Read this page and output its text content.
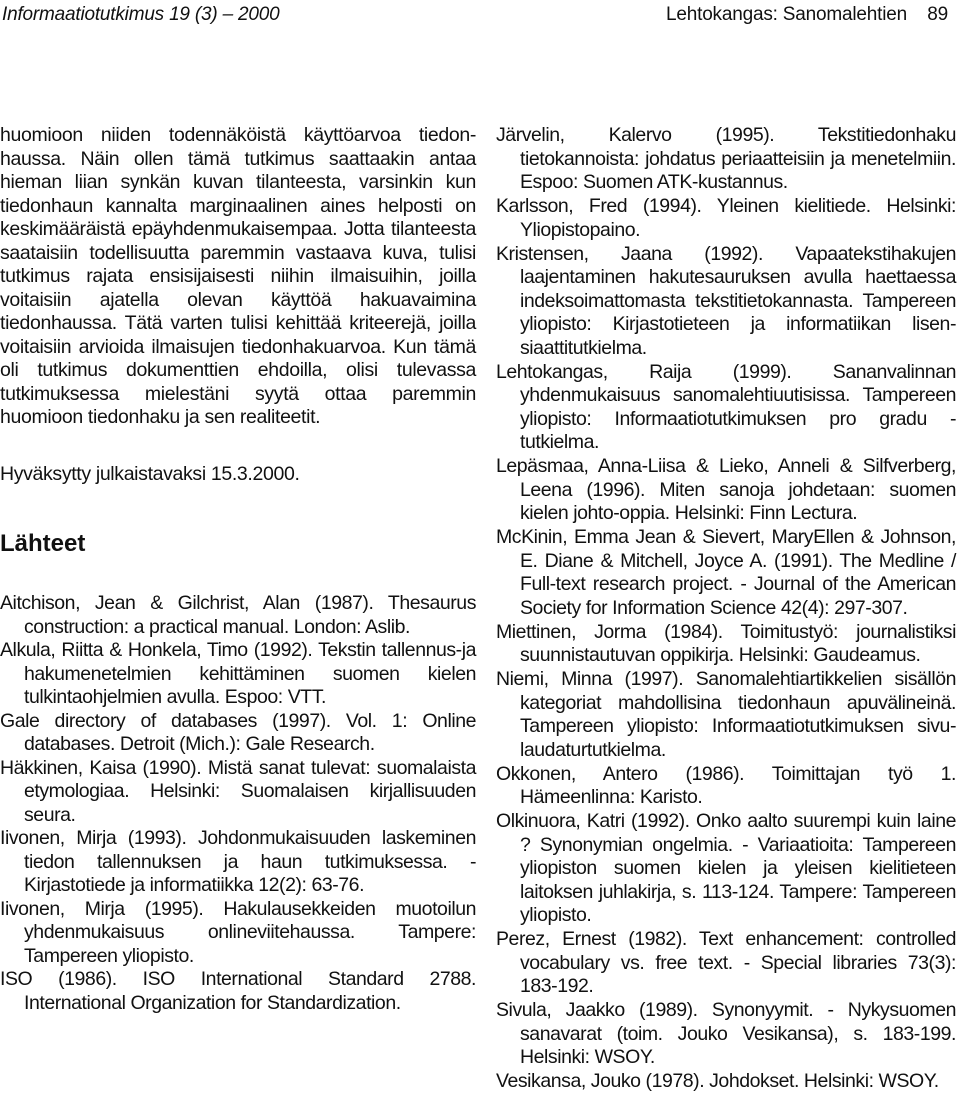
Informaatiotutkimus 19 (3) – 2000	Lehtokangas: Sanomalehtien    89

huomioon niiden todennäköistä käyttöarvoa tiedon-haussa. Näin ollen tämä tutkimus saattaakin antaa hieman liian synkän kuvan tilanteesta, varsinkin kun tiedonhaun kannalta marginaalinen aines helposti on keskimääräistä epäyhdenmukaisempaa. Jotta tilanteesta saataisiin todellisuutta paremmin vastaava kuva, tulisi tutkimus rajata ensisijaisesti niihin ilmaisuihin, joilla voitaisiin ajatella olevan käyttöä hakuavaimina tiedonhaussa. Tätä varten tulisi kehittää kriteerejä, joilla voitaisiin arvioida ilmaisujen tiedonhakuarvoa. Kun tämä oli tutkimus dokumenttien ehdoilla, olisi tulevassa tutkimuksessa mielestäni syytä ottaa paremmin huomioon tiedonhaku ja sen realiteetit.

Hyväksytty julkaistavaksi 15.3.2000.

Lähteet
Aitchison, Jean & Gilchrist, Alan (1987). Thesaurus construction: a practical manual. London: Aslib.
Alkula, Riitta & Honkela, Timo (1992). Tekstin tallennus-ja hakumenetelmien kehittäminen suomen kielen tulkintaohjelmien avulla. Espoo: VTT.
Gale directory of databases (1997). Vol. 1: Online databases. Detroit (Mich.): Gale Research.
Häkkinen, Kaisa (1990). Mistä sanat tulevat: suomalaista etymologiaa. Helsinki: Suomalaisen kirjallisuuden seura.
Iivonen, Mirja (1993). Johdonmukaisuuden laskeminen tiedon tallennuksen ja haun tutkimuksessa. - Kirjastotiede ja informatiikka 12(2): 63-76.
Iivonen, Mirja (1995). Hakulausekkeiden muotoilun yhdenmukaisuus onlineviitehaussa. Tampere: Tampereen yliopisto.
ISO (1986). ISO International Standard 2788. International Organization for Standardization.
Järvelin, Kalervo (1995). Tekstitiedonhaku tietokannoista: johdatus periaatteisiin ja menetelmiin. Espoo: Suomen ATK-kustannus.
Karlsson, Fred (1994). Yleinen kielitiede. Helsinki: Yliopistopaino.
Kristensen, Jaana (1992). Vapaatekstihakujen laajentaminen hakutesauruksen avulla haettaessa indeksoimattomasta tekstitietokannasta. Tampereen yliopisto: Kirjastotieteen ja informatiikan lisen-siaattitutkielma.
Lehtokangas, Raija (1999). Sananvalinnan yhdenmukaisuus sanomalehtiuutisissa. Tampereen yliopisto: Informaatiotutkimuksen pro gradu -tutkielma.
Lepäsmaa, Anna-Liisa & Lieko, Anneli & Silfverberg, Leena (1996). Miten sanoja johdetaan: suomen kielen johto-oppia. Helsinki: Finn Lectura.
McKinin, Emma Jean & Sievert, MaryEllen & Johnson, E. Diane & Mitchell, Joyce A. (1991). The Medline / Full-text research project. - Journal of the American Society for Information Science 42(4): 297-307.
Miettinen, Jorma (1984). Toimitustyö: journalistiksi suunnistautuvan oppikirja. Helsinki: Gaudeamus.
Niemi, Minna (1997). Sanomalehtiartikkelien sisällön kategoriat mahdollisina tiedonhaun apuvälineinä. Tampereen yliopisto: Informaatiotutkimuksen sivu-laudaturtutkielma.
Okkonen, Antero (1986). Toimittajan työ 1. Hämeenlinna: Karisto.
Olkinuora, Katri (1992). Onko aalto suurempi kuin laine ? Synonymian ongelmia. - Variaatioita: Tampereen yliopiston suomen kielen ja yleisen kielitieteen laitoksen juhlakirja, s. 113-124. Tampere: Tampereen yliopisto.
Perez, Ernest (1982). Text enhancement: controlled vocabulary vs. free text. - Special libraries 73(3): 183-192.
Sivula, Jaakko (1989). Synonyymit. - Nykysuomen sanavarat (toim. Jouko Vesikansa), s. 183-199. Helsinki: WSOY.
Vesikansa, Jouko (1978). Johdokset. Helsinki: WSOY.
